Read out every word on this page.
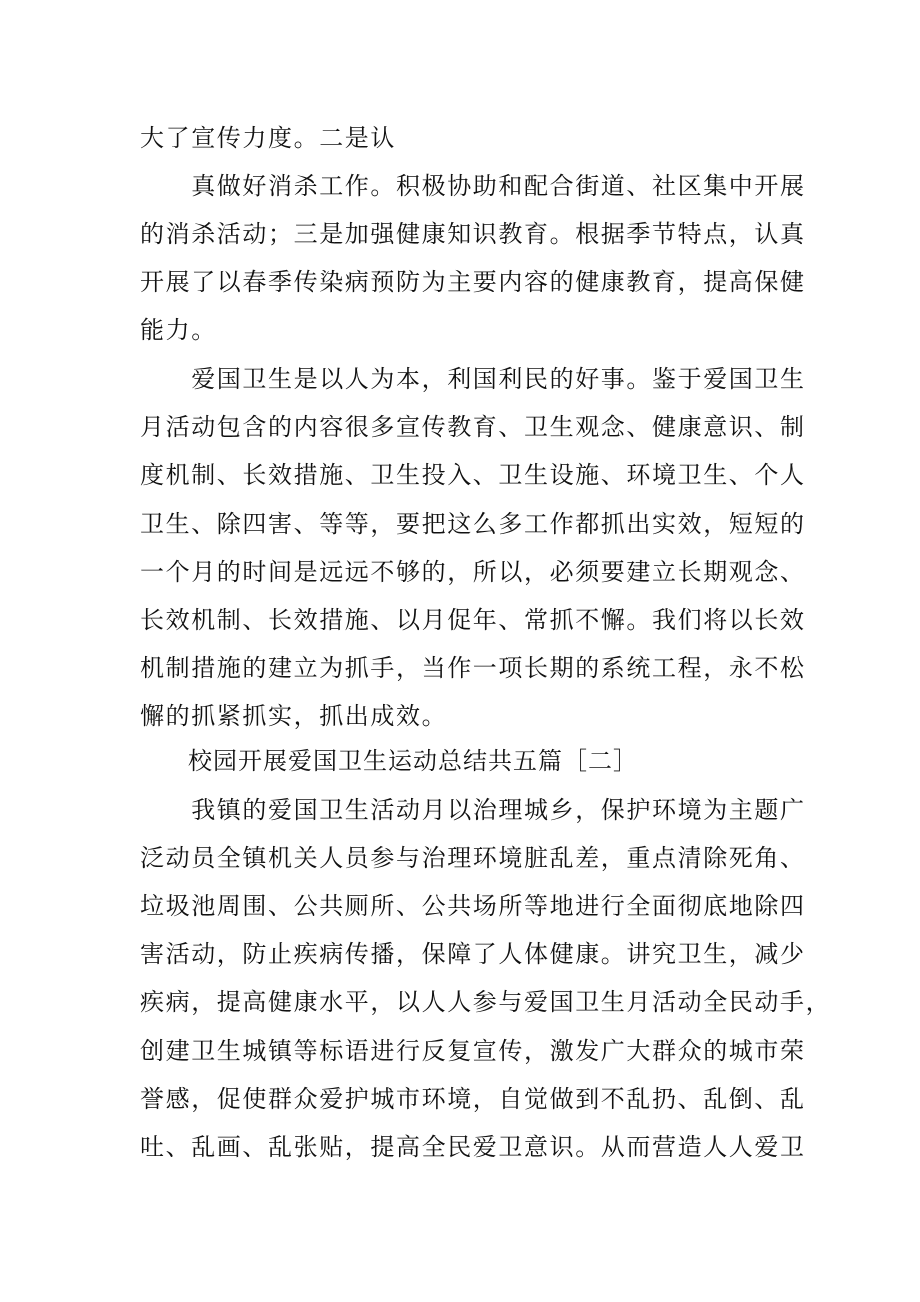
大了宣传力度。二是认
　　真做好消杀工作。积极协助和配合街道、社区集中开展
的消杀活动；三是加强健康知识教育。根据季节特点，认真
开展了以春季传染病预防为主要内容的健康教育，提高保健
能力。
　　爱国卫生是以人为本，利国利民的好事。鉴于爱国卫生
月活动包含的内容很多宣传教育、卫生观念、健康意识、制
度机制、长效措施、卫生投入、卫生设施、环境卫生、个人
卫生、除四害、等等，要把这么多工作都抓出实效，短短的
一个月的时间是远远不够的，所以，必须要建立长期观念、
长效机制、长效措施、以月促年、常抓不懈。我们将以长效
机制措施的建立为抓手，当作一项长期的系统工程，永不松
懈的抓紧抓实，抓出成效。
校园开展爱国卫生运动总结共五篇［二］
　　我镇的爱国卫生活动月以治理城乡，保护环境为主题广
泛动员全镇机关人员参与治理环境脏乱差，重点清除死角、
垃圾池周围、公共厕所、公共场所等地进行全面彻底地除四
害活动，防止疾病传播，保障了人体健康。讲究卫生，减少
疾病，提高健康水平，以人人参与爱国卫生月活动全民动手，
创建卫生城镇等标语进行反复宣传，激发广大群众的城市荣
誉感，促使群众爱护城市环境，自觉做到不乱扔、乱倒、乱
吐、乱画、乱张贴，提高全民爱卫意识。从而营造人人爱卫
